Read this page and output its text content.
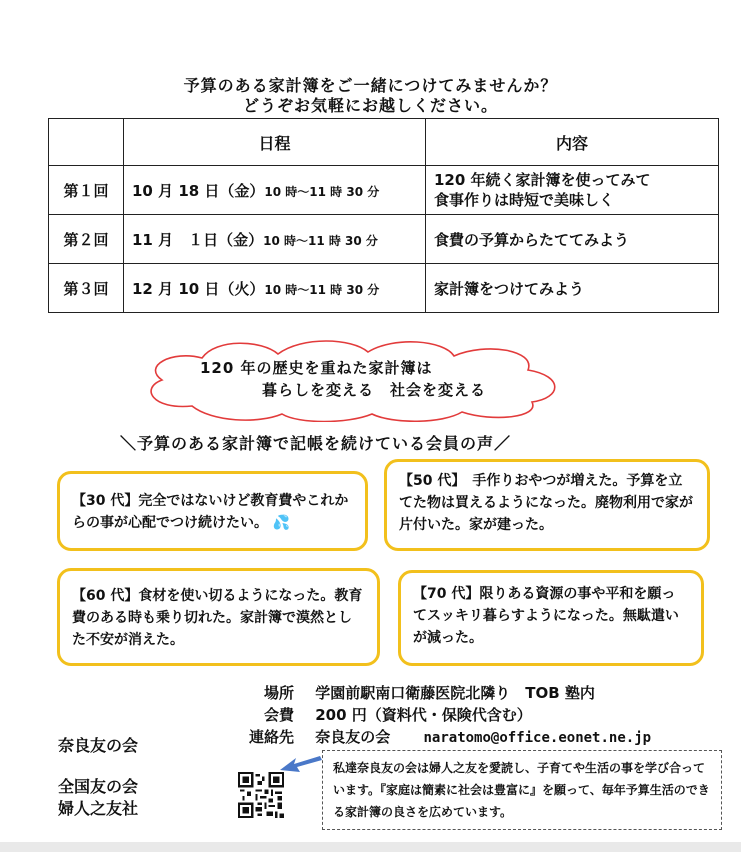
予算のある家計簿をご一緒につけてみませんか？
どうぞお気軽にお越しください。
	日程	内容
第１回	10 月 18 日（金）10 時～11 時 30 分	120 年続く家計簿を使ってみて
食事作りは時短で美味しく

第２回	11 月　１日（金）10 時～11 時 30 分	食費の予算からたててみよう

第３回	12 月 10 日（火）10 時～11 時 30 分	家計簿をつけてみよう
120 年の歴史を重ねた家計簿は
暮らしを変える　社会を変える
＼予算のある家計簿で記帳を続けている会員の声／
【30 代】完全ではないけど教育費やこれからの事が心配でつけ続けたい。 💦
【50 代】　手作りおやつが増えた。予算を立てた物は買えるようになった。廃物利用で家が片付いた。家が建った。
【60 代】食材を使い切るようになった。教育費のある時も乗り切れた。家計簿で漠然とした不安が消えた。
【70 代】限りある資源の事や平和を願ってスッキリ暮らすようになった。無駄遣いが減った。
場所 学園前駅南口衛藤医院北隣り　TOB 塾内
会費 200 円（資料代・保険代含む）
連絡先 奈良友の会 naratomo@office.eonet.ne.jp
奈良友の会
全国友の会
婦人之友社
私達奈良友の会は婦人之友を愛読し、子育てや生活の事を学び合っています。『家庭は簡素に社会は豊富に』を願って、毎年予算生活のできる家計簿の良さを広めています。
